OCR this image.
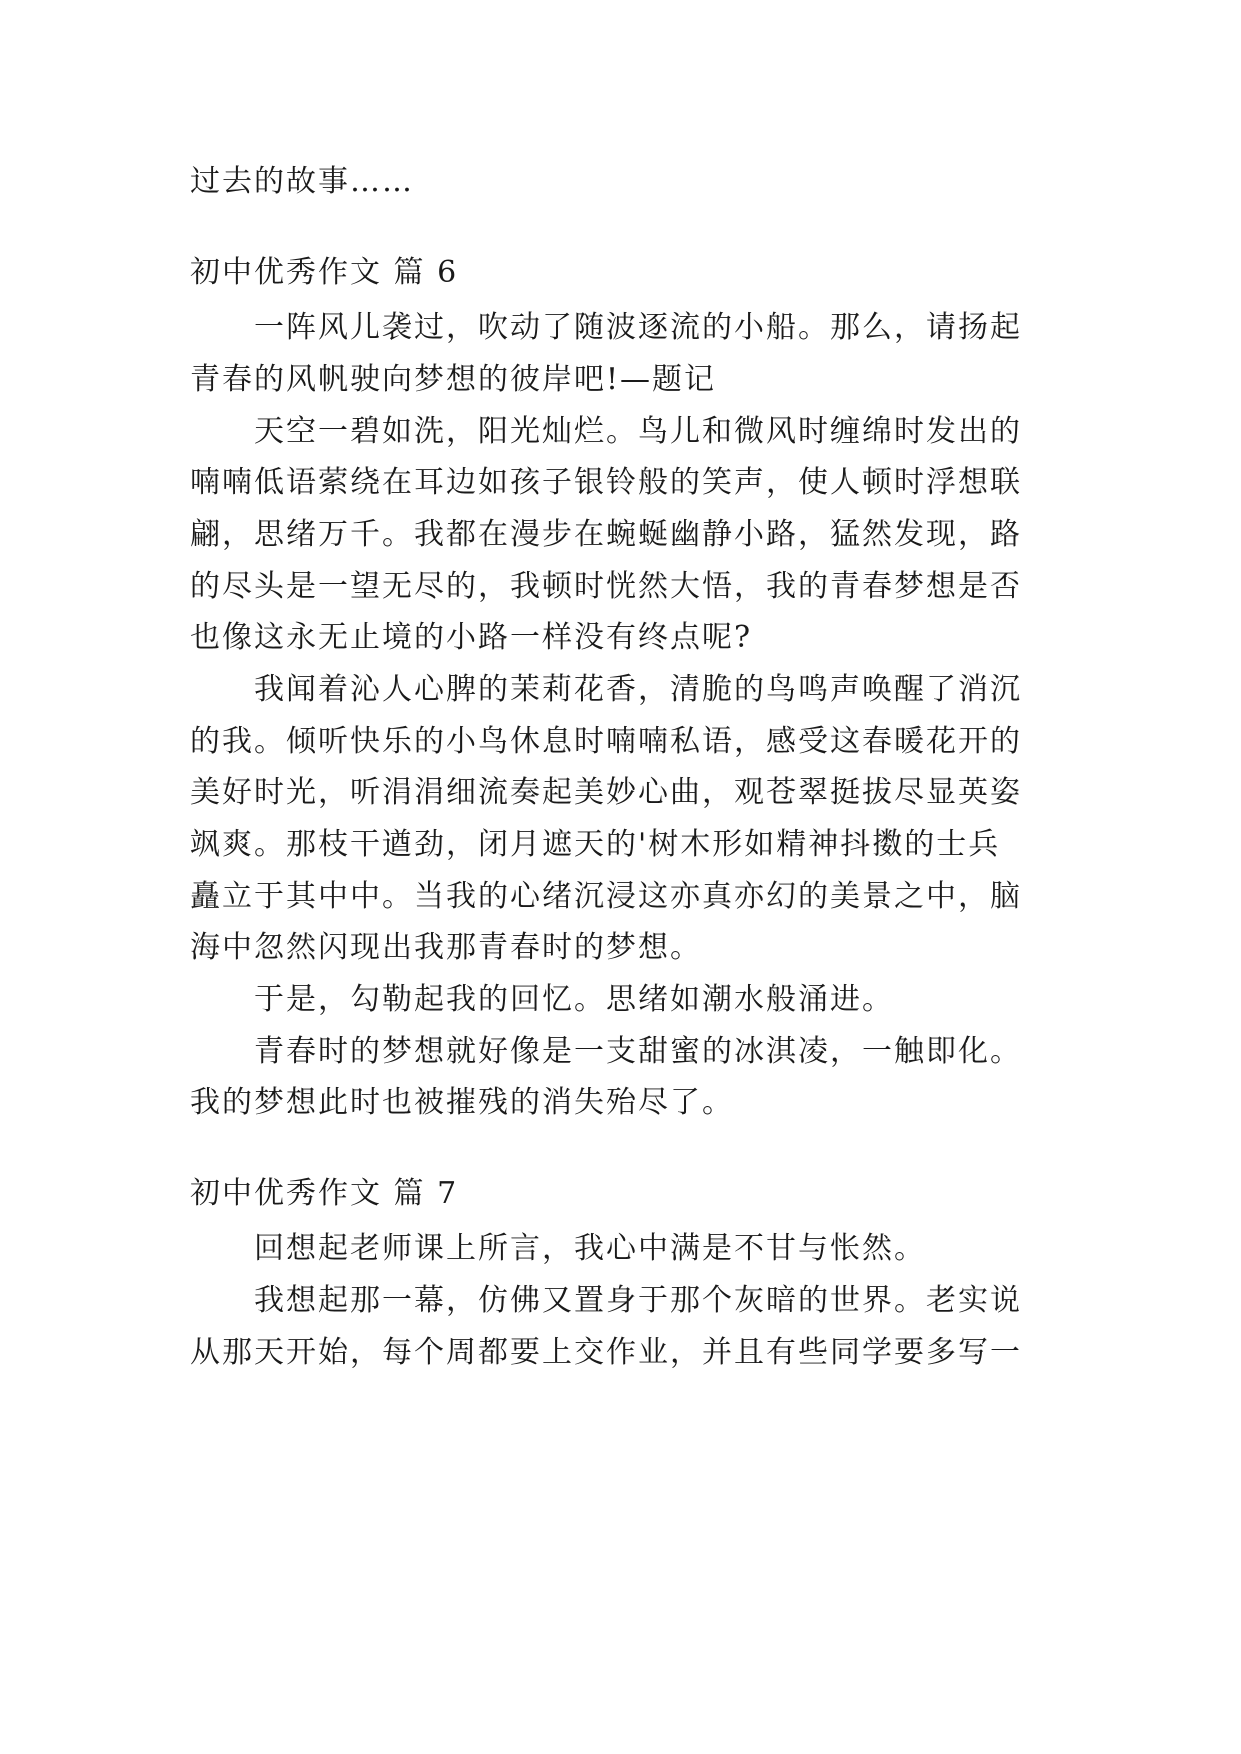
过去的故事……

初中优秀作文 篇 6

一阵风儿袭过，吹动了随波逐流的小船。那么，请扬起

青春的风帆驶向梦想的彼岸吧!—题记

天空一碧如洗，阳光灿烂。鸟儿和微风时缠绵时发出的

喃喃低语萦绕在耳边如孩子银铃般的笑声，使人顿时浮想联

翩，思绪万千。我都在漫步在蜿蜒幽静小路，猛然发现，路

的尽头是一望无尽的，我顿时恍然大悟，我的青春梦想是否

也像这永无止境的小路一样没有终点呢?

我闻着沁人心脾的茉莉花香，清脆的鸟鸣声唤醒了消沉

的我。倾听快乐的小鸟休息时喃喃私语，感受这春暖花开的

美好时光，听涓涓细流奏起美妙心曲，观苍翠挺拔尽显英姿

飒爽。那枝干遒劲，闭月遮天的'树木形如精神抖擞的士兵

矗立于其中中。当我的心绪沉浸这亦真亦幻的美景之中，脑

海中忽然闪现出我那青春时的梦想。

于是，勾勒起我的回忆。思绪如潮水般涌进。

青春时的梦想就好像是一支甜蜜的冰淇凌，一触即化。

我的梦想此时也被摧残的消失殆尽了。

初中优秀作文 篇 7

回想起老师课上所言，我心中满是不甘与怅然。

我想起那一幕，仿佛又置身于那个灰暗的世界。老实说

从那天开始，每个周都要上交作业，并且有些同学要多写一
